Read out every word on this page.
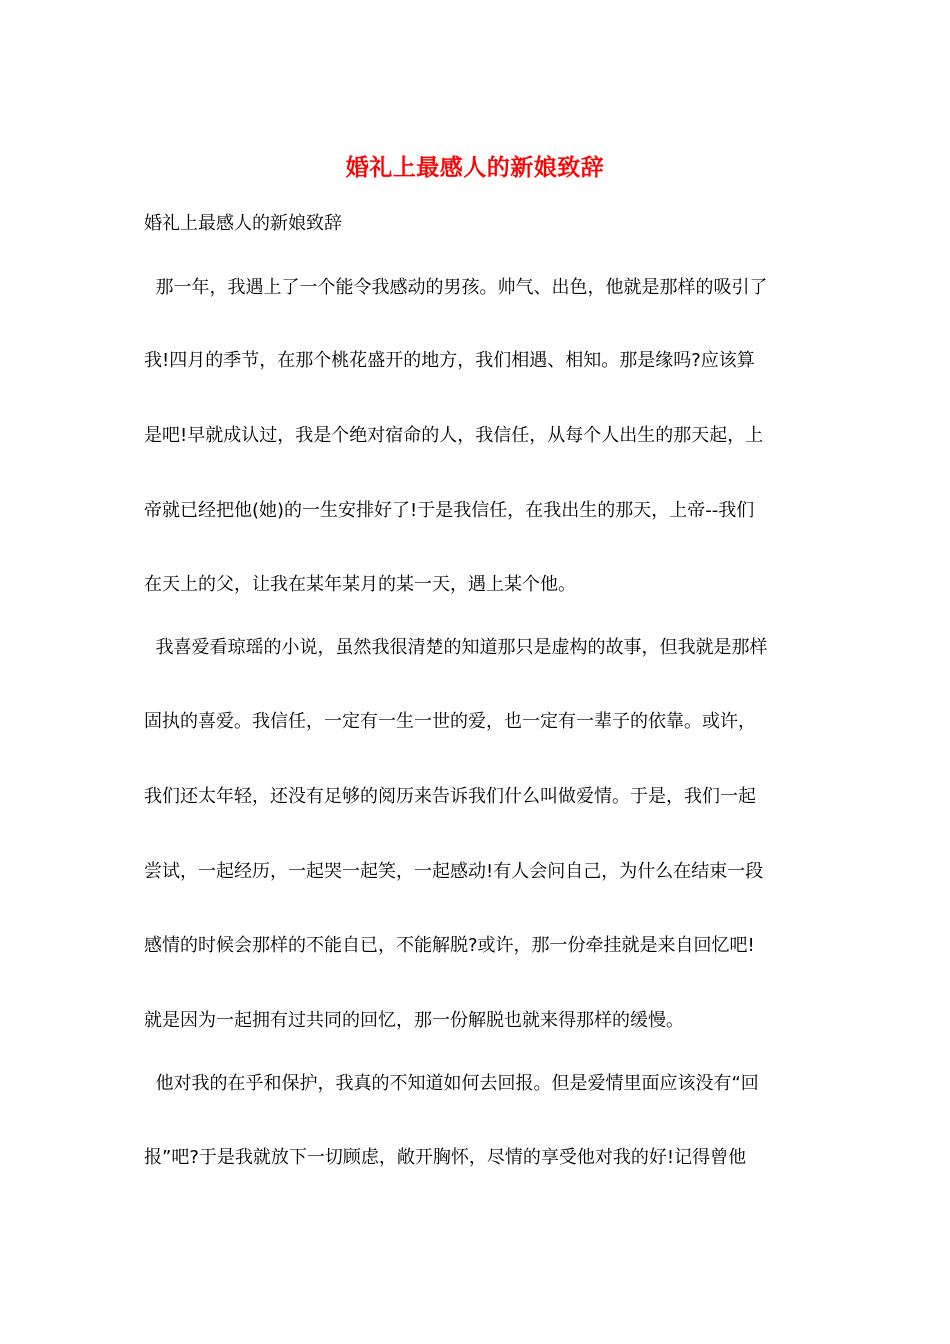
婚礼上最感人的新娘致辞
婚礼上最感人的新娘致辞
那一年，我遇上了一个能令我感动的男孩。帅气、出色，他就是那样的吸引了
我!四月的季节，在那个桃花盛开的地方，我们相遇、相知。那是缘吗?应该算
是吧!早就成认过，我是个绝对宿命的人，我信任，从每个人出生的那天起，上
帝就已经把他(她)的一生安排好了!于是我信任，在我出生的那天，上帝--我们
在天上的父，让我在某年某月的某一天，遇上某个他。
我喜爱看琼瑶的小说，虽然我很清楚的知道那只是虚构的故事，但我就是那样
固执的喜爱。我信任，一定有一生一世的爱，也一定有一辈子的依靠。或许，
我们还太年轻，还没有足够的阅历来告诉我们什么叫做爱情。于是，我们一起
尝试，一起经历，一起哭一起笑，一起感动!有人会问自己，为什么在结束一段
感情的时候会那样的不能自已，不能解脱?或许，那一份牵挂就是来自回忆吧!
就是因为一起拥有过共同的回忆，那一份解脱也就来得那样的缓慢。
他对我的在乎和保护，我真的不知道如何去回报。但是爱情里面应该没有“回
报”吧?于是我就放下一切顾虑，敞开胸怀，尽情的享受他对我的好!记得曾他
